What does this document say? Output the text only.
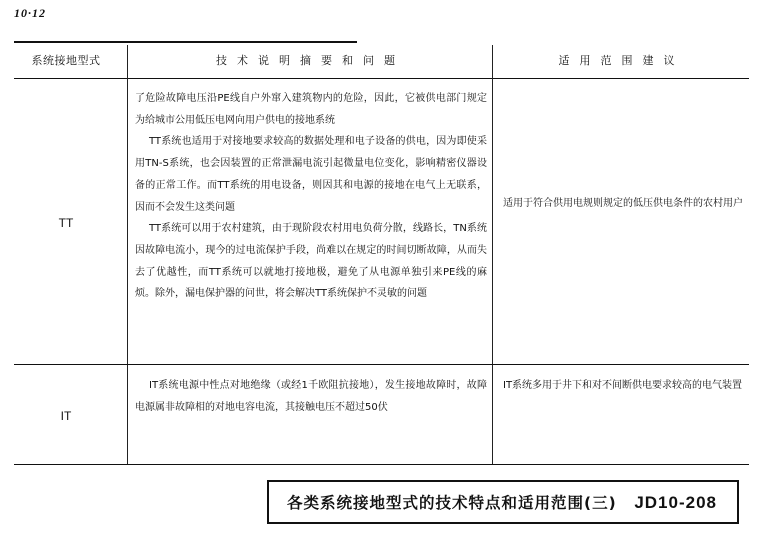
10·12
系统接地型式	技术说明摘要和问题	适用范围建议
TT

了危险故障电压沿PE线自户外窜入建筑物内的危险，因此，它被供电部门规定为给城市公用低压电网向用户供电的接地系统

TT系统也适用于对接地要求较高的数据处理和电子设备的供电，因为即使采用TN-S系统，也会因装置的正常泄漏电流引起微量电位变化，影响精密仪器设备的正常工作。而TT系统的用电设备，则因其和电源的接地在电气上无联系，因而不会发生这类问题

TT系统可以用于农村建筑，由于现阶段农村用电负荷分散，线路长，TN系统因故障电流小，现今的过电流保护手段，尚难以在规定的时间切断故障，从而失去了优越性，而TT系统可以就地打接地极，避免了从电源单独引来PE线的麻烦。除外，漏电保护器的问世，将会解决TT系统保护不灵敏的问题

适用于符合供用电规则规定的低压供电条件的农村用户
IT

IT系统电源中性点对地绝缘（或经1千欧阻抗接地），发生接地故障时，故障电源属非故障相的对地电容电流，其接触电压不超过50伏

IT系统多用于井下和对不间断供电要求较高的电气装置
各类系统接地型式的技术特点和适用范围(三) JD10-208
